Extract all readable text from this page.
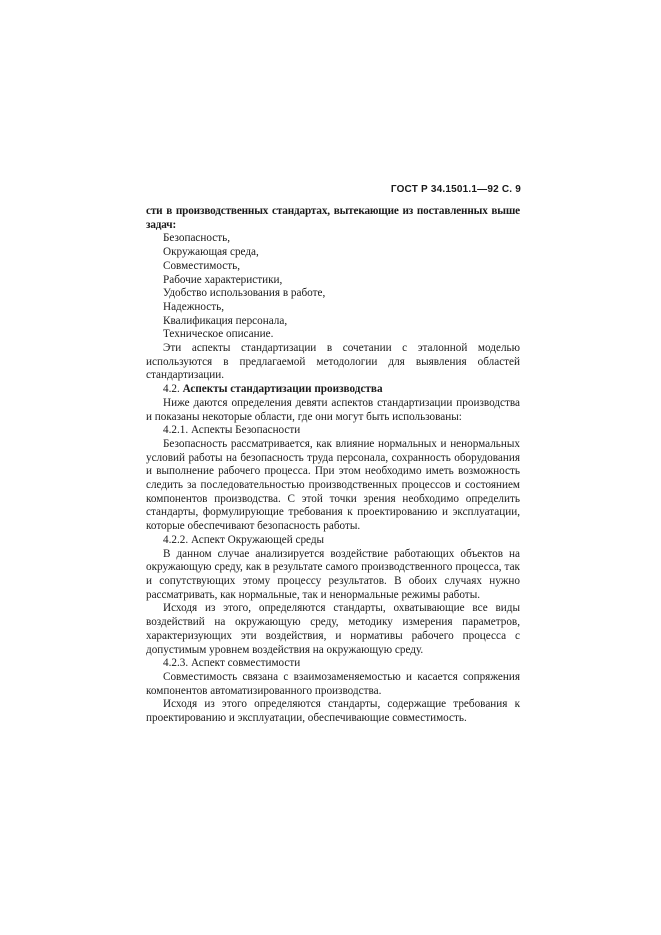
ГОСТ Р 34.1501.1—92 С. 9

сти в производственных стандартах, вытекающие из поставленных выше задач:

Безопасность,
Окружающая среда,
Совместимость,
Рабочие характеристики,
Удобство использования в работе,
Надежность,
Квалификация персонала,
Техническое описание.

Эти аспекты стандартизации в сочетании с эталонной моделью используются в предлагаемой методологии для выявления областей стандартизации.

4.2. Аспекты стандартизации производства

Ниже даются определения девяти аспектов стандартизации производства и показаны некоторые области, где они могут быть использованы:

4.2.1. Аспекты Безопасности

Безопасность рассматривается, как влияние нормальных и ненормальных условий работы на безопасность труда персонала, сохранность оборудования и выполнение рабочего процесса. При этом необходимо иметь возможность следить за последовательностью производственных процессов и состоянием компонентов производства. С этой точки зрения необходимо определить стандарты, формулирующие требования к проектированию и эксплуатации, которые обеспечивают безопасность работы.

4.2.2. Аспект Окружающей среды

В данном случае анализируется воздействие работающих объектов на окружающую среду, как в результате самого производственного процесса, так и сопутствующих этому процессу результатов. В обоих случаях нужно рассматривать, как нормальные, так и ненормальные режимы работы.

Исходя из этого, определяются стандарты, охватывающие все виды воздействий на окружающую среду, методику измерения параметров, характеризующих эти воздействия, и нормативы рабочего процесса с допустимым уровнем воздействия на окружающую среду.

4.2.3. Аспект совместимости

Совместимость связана с взаимозаменяемостью и касается сопряжения компонентов автоматизированного производства.

Исходя из этого определяются стандарты, содержащие требования к проектированию и эксплуатации, обеспечивающие совместимость.
